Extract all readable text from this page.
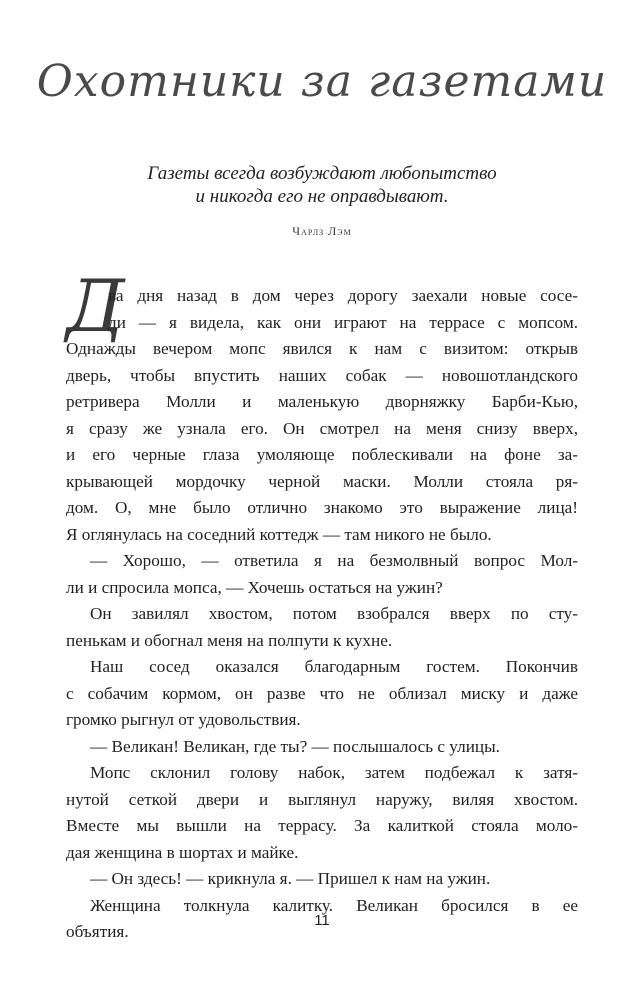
Охотники за газетами
Газеты всегда возбуждают любопытство
и никогда его не оправдывают.
Чарлз Лэм
Д
ва дня назад в дом через дорогу заехали новые сосе-
ди — я видела, как они играют на террасе с мопсом.
Однажды вечером мопс явился к нам с визитом: открыв
дверь, чтобы впустить наших собак — новошотландского
ретривера Молли и маленькую дворняжку Барби-Кью,
я сразу же узнала его. Он смотрел на меня снизу вверх,
и его черные глаза умоляюще поблескивали на фоне за-
крывающей мордочку черной маски. Молли стояла ря-
дом. О, мне было отлично знакомо это выражение лица!
Я оглянулась на соседний коттедж — там никого не было.
— Хорошо, — ответила я на безмолвный вопрос Мол-
ли и спросила мопса, — Хочешь остаться на ужин?
Он завилял хвостом, потом взобрался вверх по сту-
пенькам и обогнал меня на полпути к кухне.
Наш сосед оказался благодарным гостем. Покончив
с собачим кормом, он разве что не облизал миску и даже
громко рыгнул от удовольствия.
— Великан! Великан, где ты? — послышалось с улицы.
Мопс склонил голову набок, затем подбежал к затя-
нутой сеткой двери и выглянул наружу, виляя хвостом.
Вместе мы вышли на террасу. За калиткой стояла моло-
дая женщина в шортах и майке.
— Он здесь! — крикнула я. — Пришел к нам на ужин.
Женщина толкнула калитку. Великан бросился в ее
объятия.
11
